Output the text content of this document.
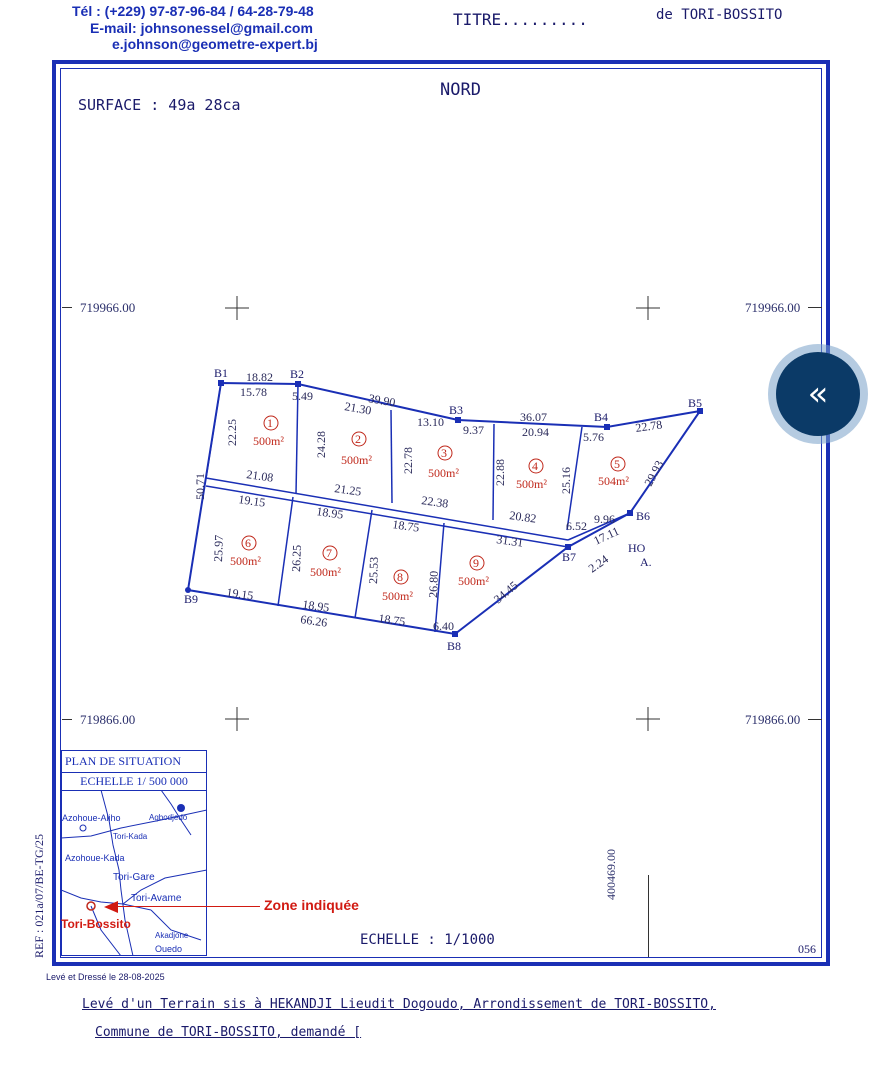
Tél : (+229) 97-87-96-84 / 64-28-79-48
E-mail: johnsonessel@gmail.com
e.johnson@geometre-expert.bj
TITRE.........	de TORI-BOSSITO
NORD
SURFACE : 49a 28ca
719966.00	719966.00
719866.00	719866.00
400469.00
B1	B2
B3	B4
B5
B6
B7
B8
B9
18.82
15.78 5.49	39.90
21.30
13.10
9.37
36.07
20.94	5.76
22.78
29.93
22.25	24.28
22.78	22.88	25.16
50.71	21.08
21.25
22.38
20.82
6.52 9.96
19.15
18.95
18.75
31.31	17.11
2.24
25.97	26.25	25.53
26.80	34.45
19.15
18.95
66.26	18.75 6.40
1
500m²	2
500m²	3
500m²	4
500m²
5
504m²
6
500m²
7
500m²	8
500m²
9
500m²
HO
A.
PLAN DE SITUATION
ECHELLE 1/ 500 000
Azohoue-Aliho	Agbodjedo
Tori-Kada
Azohoue-Kada
Tori-Gare
Tori-Avame
Tori-Bossito
Akadjone
Ouedo
Zone indiquée
REF : 021a/07/BE-TG/25	ECHELLE : 1/1000
056
Levé et Dressé le 28-08-2025
Levé d'un Terrain sis à HEKANDJI Lieudit Dogoudo, Arrondissement de TORI-BOSSITO,
Commune de TORI-BOSSITO, demandé [
«
